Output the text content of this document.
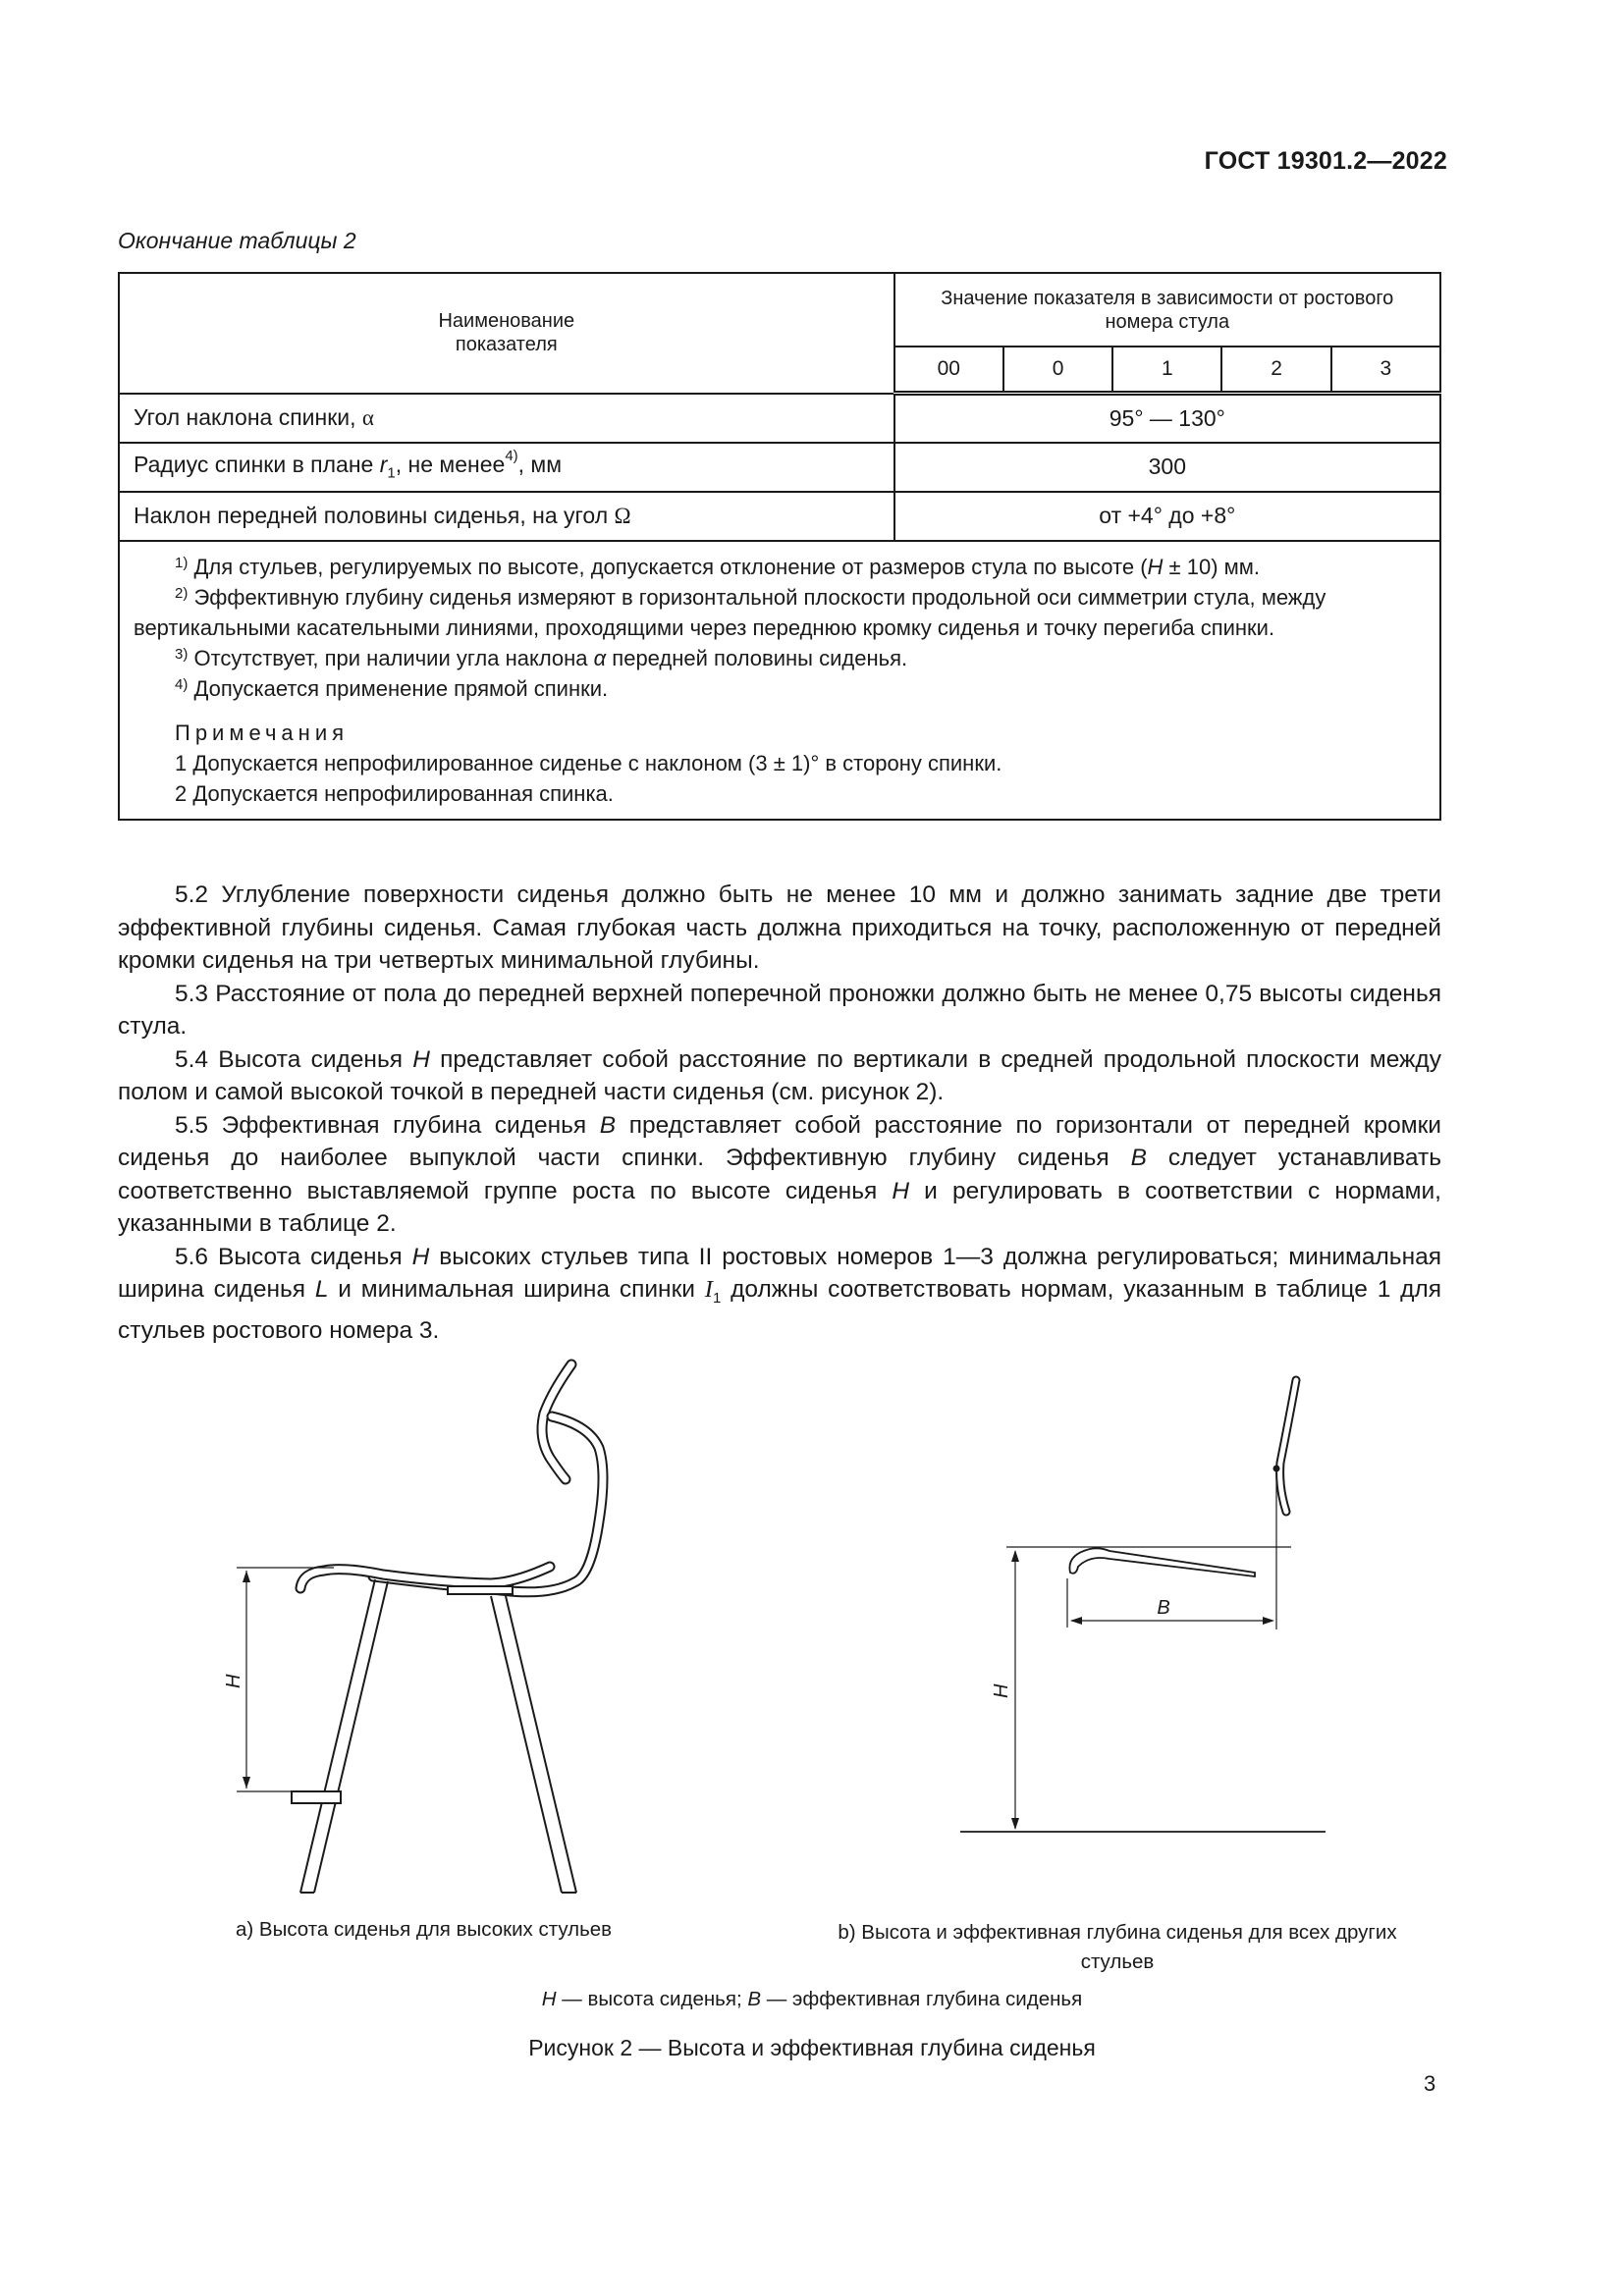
ГОСТ 19301.2—2022
Окончание таблицы 2
Наименование
показателя

Значение показателя в зависимости от ростового
номера стула

	00	0	1	2	3
Угол наклона спинки, α	95° — 130°				
Радиус спинки в плане $r_1$, не менее$^{4)}$, мм	300				
Наклон передней половины сиденья, на угол Ω	от +4° до +8°				

$^{1)}$ Для стульев, регулируемых по высоте, допускается отклонение от размеров стула по высоте (H ± 10) мм.

$^{2)}$ Эффективную глубину сиденья измеряют в горизонтальной плоскости продольной оси симметрии стула, между вертикальными касательными линиями, проходящими через переднюю кромку сиденья и точку перегиба спинки.

$^{3)}$ Отсутствует, при наличии угла наклона α передней половины сиденья.

$^{4)}$ Допускается применение прямой спинки.

Примечания
1 Допускается непрофилированное сиденье с наклоном (3 ± 1)° в сторону спинки.
2 Допускается непрофилированная спинка.

5.2 Углубление поверхности сиденья должно быть не менее 10 мм и должно занимать задние две трети эффективной глубины сиденья. Самая глубокая часть должна приходиться на точку, расположенную от передней кромки сиденья на три четвертых минимальной глубины.

5.3 Расстояние от пола до передней верхней поперечной проножки должно быть не менее 0,75 высоты сиденья стула.

5.4 Высота сиденья H представляет собой расстояние по вертикали в средней продольной плоскости между полом и самой высокой точкой в передней части сиденья (см. рисунок 2).

5.5 Эффективная глубина сиденья B представляет собой расстояние по горизонтали от передней кромки сиденья до наиболее выпуклой части спинки. Эффективную глубину сиденья B следует устанавливать соответственно выставляемой группе роста по высоте сиденья H и регулировать в соответствии с нормами, указанными в таблице 2.

5.6 Высота сиденья H высоких стульев типа II ростовых номеров 1—3 должна регулироваться; минимальная ширина сиденья L и минимальная ширина спинки $I_1$ должны соответствовать нормам, указанным в таблице 1 для стульев ростового номера 3.

H
B
H
a) Высота сиденья для высоких стульев	b) Высота и эффективная глубина сиденья для всех других стульев
H — высота сиденья; B — эффективная глубина сиденья
Рисунок 2 — Высота и эффективная глубина сиденья
3
